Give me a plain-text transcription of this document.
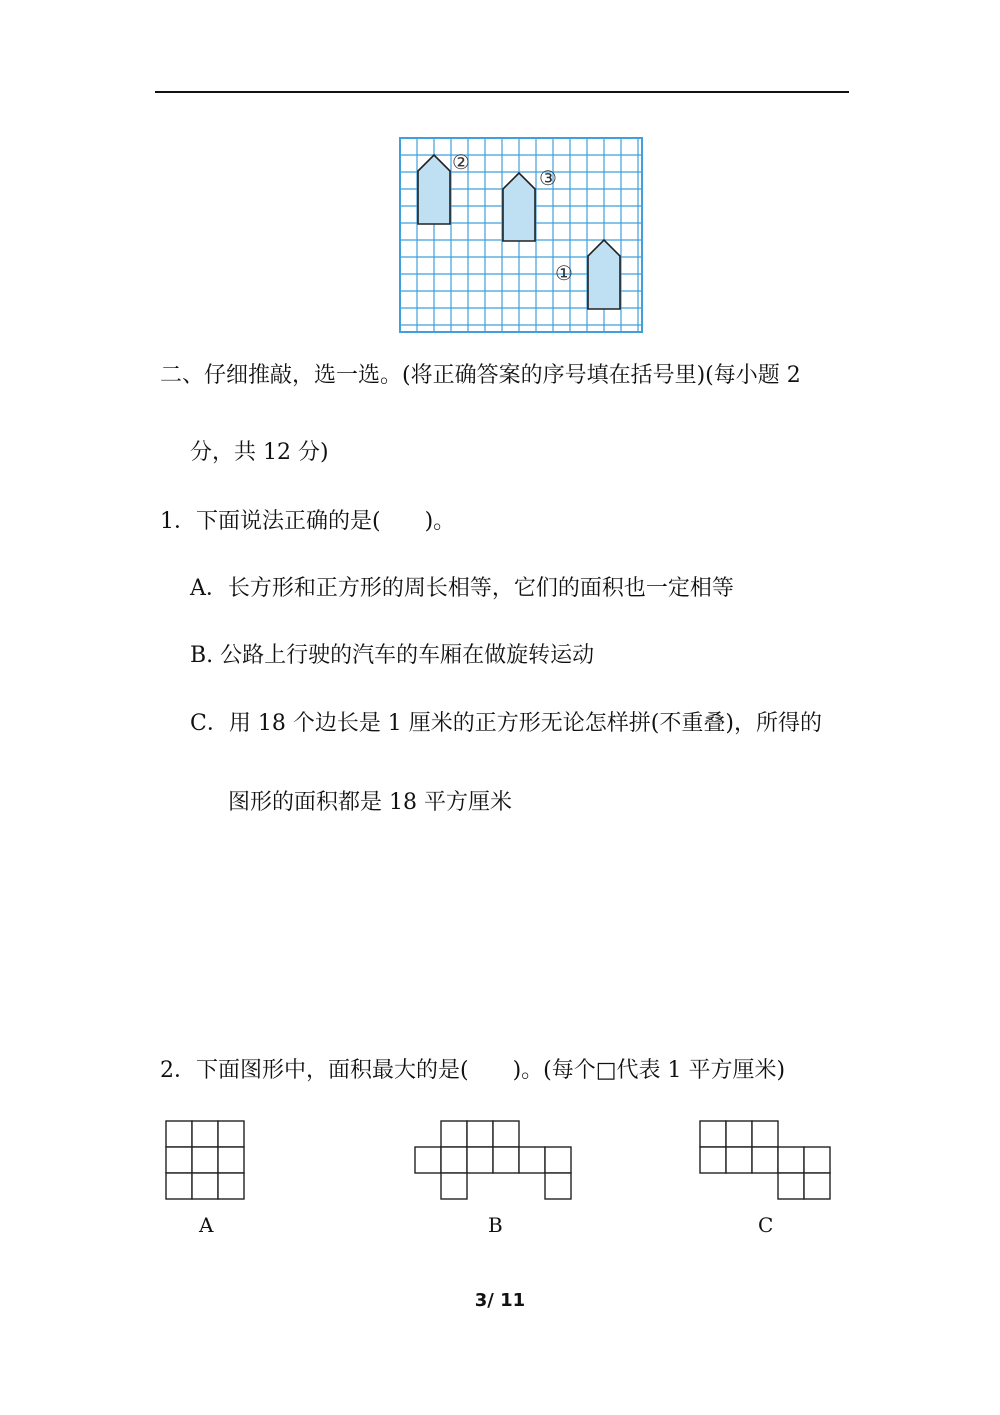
②
③
①
二、仔细推敲，选一选。(将正确答案的序号填在括号里)(每小题 2
分，共 12 分)
1．下面说法正确的是(　　)。
A．长方形和正方形的周长相等，它们的面积也一定相等
B. 公路上行驶的汽车的车厢在做旋转运动
C．用 18 个边长是 1 厘米的正方形无论怎样拼(不重叠)，所得的
图形的面积都是 18 平方厘米
2．下面图形中，面积最大的是(　　)。(每个□代表 1 平方厘米)
A	B	C
3/ 11
